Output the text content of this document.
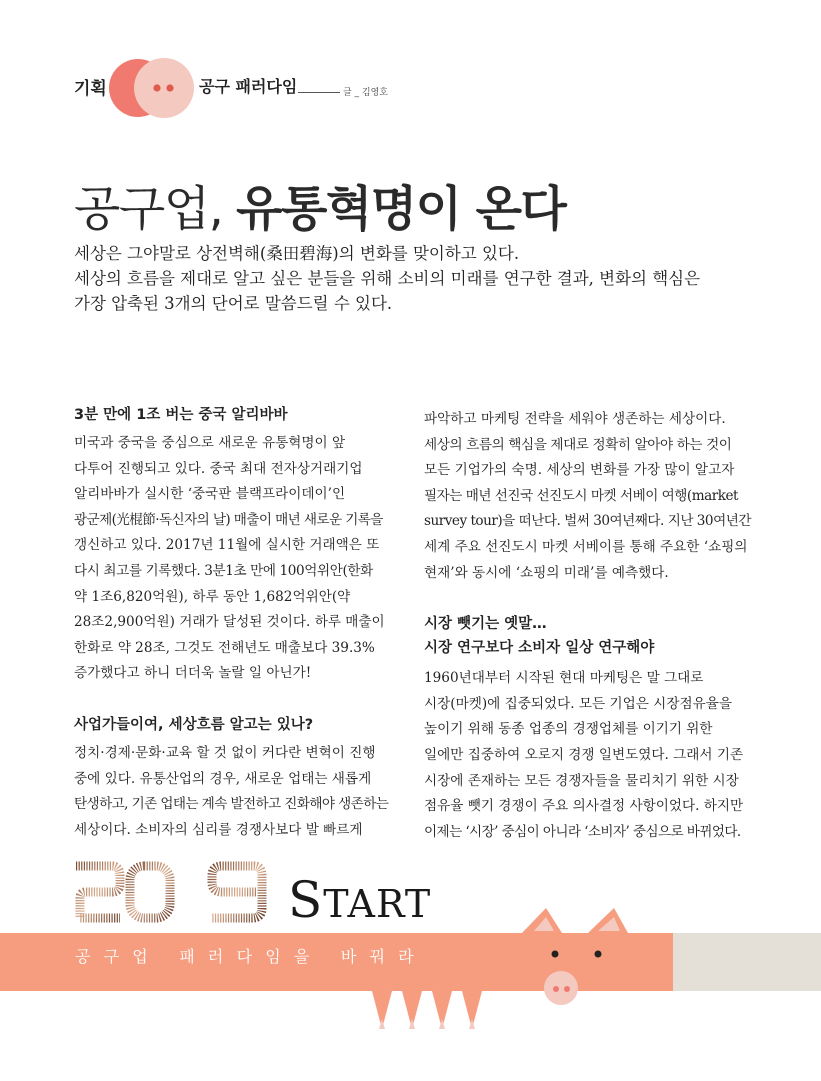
기획	공구 패러다임	글 _ 김영호
공구업, 유통혁명이 온다

세상은 그야말로 상전벽해(桑田碧海)의 변화를 맞이하고 있다.

세상의 흐름을 제대로 알고 싶은 분들을 위해 소비의 미래를 연구한 결과, 변화의 핵심은

가장 압축된 3개의 단어로 말씀드릴 수 있다.

3분 만에 1조 버는 중국 알리바바

미국과 중국을 중심으로 새로운 유통혁명이 앞

다투어 진행되고 있다. 중국 최대 전자상거래기업

알리바바가 실시한 ‘중국판 블랙프라이데이’인

광군제(光棍節·독신자의 날) 매출이 매년 새로운 기록을

갱신하고 있다. 2017년 11월에 실시한 거래액은 또

다시 최고를 기록했다. 3분1초 만에 100억위안(한화

약 1조6,820억원), 하루 동안 1,682억위안(약

28조2,900억원) 거래가 달성된 것이다. 하루 매출이

한화로 약 28조, 그것도 전해년도 매출보다 39.3%

증가했다고 하니 더더욱 놀랄 일 아닌가!

사업가들이여, 세상흐름 알고는 있나?

정치·경제·문화·교육 할 것 없이 커다란 변혁이 진행

중에 있다. 유통산업의 경우, 새로운 업태는 새롭게

탄생하고, 기존 업태는 계속 발전하고 진화해야 생존하는

세상이다. 소비자의 심리를 경쟁사보다 발 빠르게

파악하고 마케팅 전략을 세워야 생존하는 세상이다.

세상의 흐름의 핵심을 제대로 정확히 알아야 하는 것이

모든 기업가의 숙명. 세상의 변화를 가장 많이 알고자

필자는 매년 선진국 선진도시 마켓 서베이 여행(market

survey tour)을 떠난다. 벌써 30여년째다. 지난 30여년간

세계 주요 선진도시 마켓 서베이를 통해 주요한 ‘쇼핑의

현재’와 동시에 ‘쇼핑의 미래’를 예측했다.

시장 뺏기는 옛말…
시장 연구보다 소비자 일상 연구해야

1960년대부터 시작된 현대 마케팅은 말 그대로

시장(마켓)에 집중되었다. 모든 기업은 시장점유율을

높이기 위해 동종 업종의 경쟁업체를 이기기 위한

일에만 집중하여 오로지 경쟁 일변도였다. 그래서 기존

시장에 존재하는 모든 경쟁자들을 물리치기 위한 시장

점유율 뺏기 경쟁이 주요 의사결정 사항이었다. 하지만

이제는 ‘시장’ 중심이 아니라 ‘소비자’ 중심으로 바뀌었다.

START
공구업 패러다임을 바꿔라
